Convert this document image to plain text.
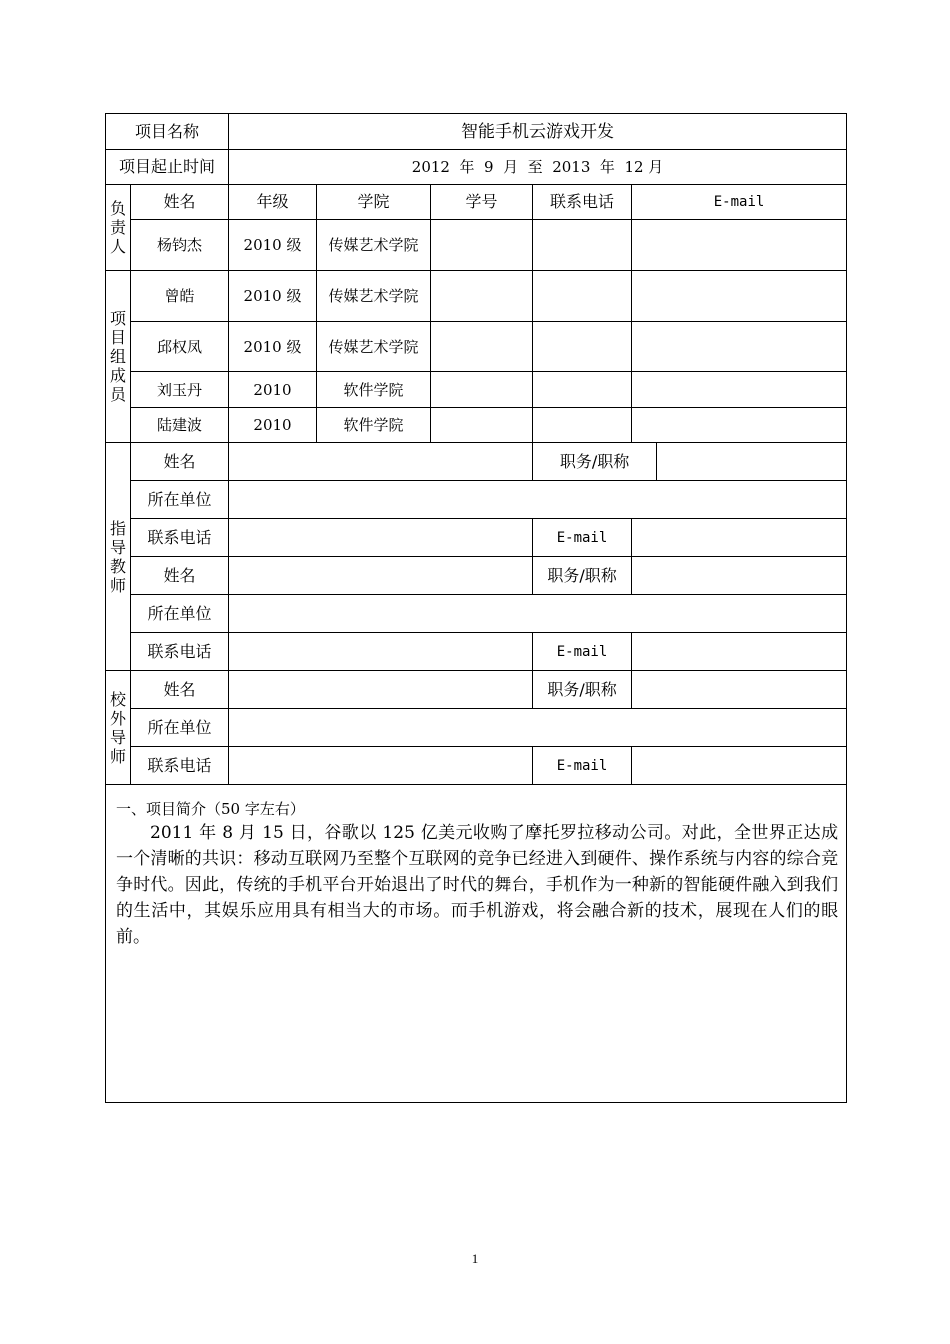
项目名称		智能手机云游戏开发					
项目起止时间		2012  年  9  月  至  2013  年  12 月					

负
责
人	姓名	年级	学院	学号	联系电话	E-mail	
	杨钧杰	2010 级	传媒艺术学院				

项
目
组
成
员	曾皓	2010 级	传媒艺术学院				
	邱权凤	2010 级	传媒艺术学院				
	刘玉丹	2010	软件学院				
	陆建波	2010	软件学院				

指
导
教
师	姓名				职务/职称		
	所在单位						
	联系电话				E-mail		
	姓名				职务/职称		
	所在单位						
	联系电话				E-mail		

校
外
导
师	姓名				职务/职称		
	所在单位						
	联系电话				E-mail		

一、项目简介（50 字左右）

2011 年 8 月 15 日，谷歌以 125 亿美元收购了摩托罗拉移动公司。对此，全世界正达成一个清晰的共识：移动互联网乃至整个互联网的竞争已经进入到硬件、操作系统与内容的综合竞争时代。因此，传统的手机平台开始退出了时代的舞台，手机作为一种新的智能硬件融入到我们的生活中，其娱乐应用具有相当大的市场。而手机游戏，将会融合新的技术，展现在人们的眼前。							

1
